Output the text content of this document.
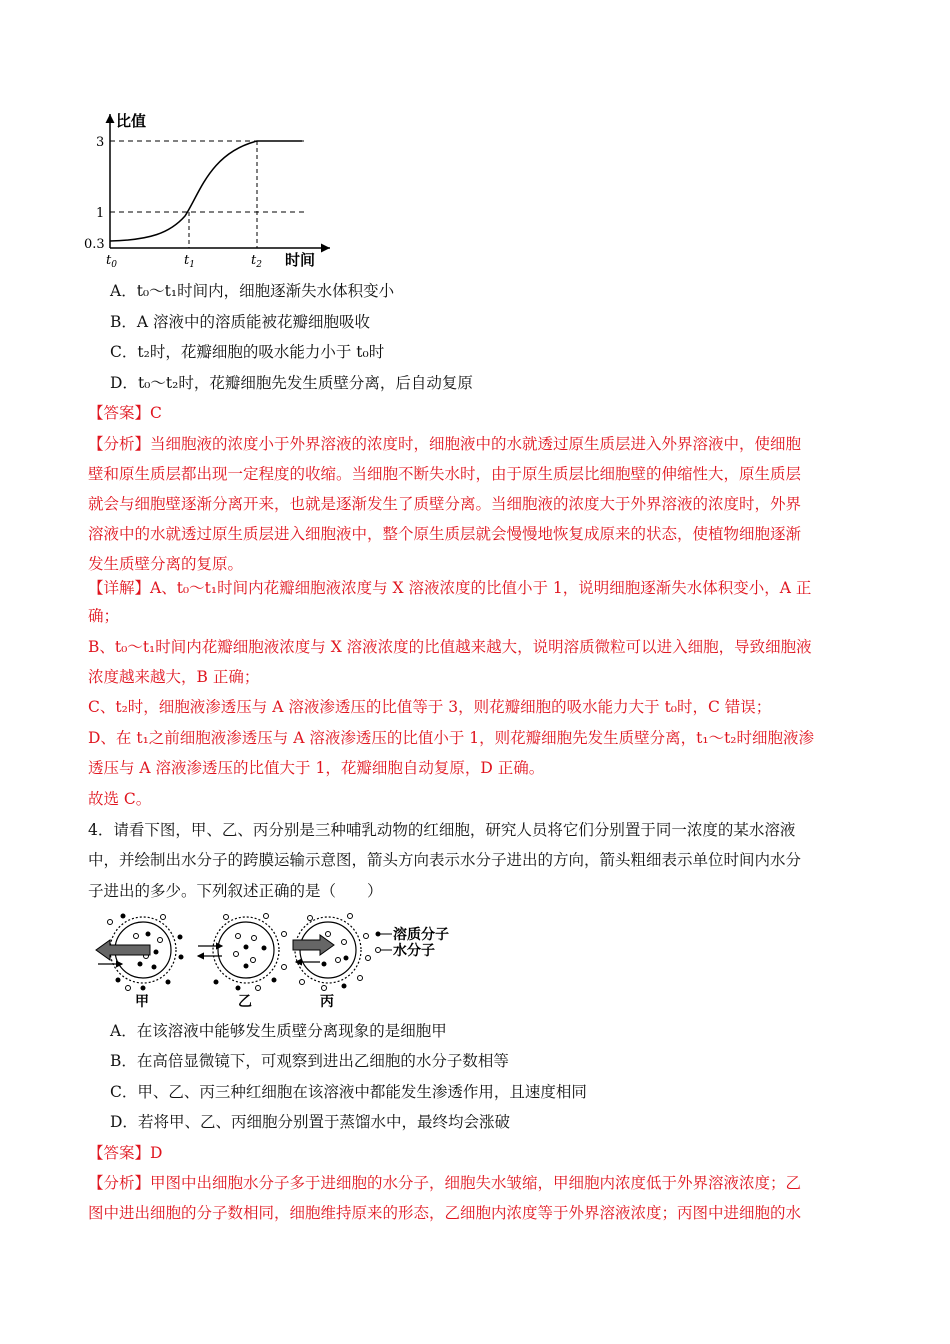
比值
时间
3
1
0.3
$t_0$	$t_1$	$t_2$
A．t₀～t₁时间内，细胞逐渐失水体积变小
B．A 溶液中的溶质能被花瓣细胞吸收
C．t₂时，花瓣细胞的吸水能力小于 t₀时
D．t₀～t₂时，花瓣细胞先发生质壁分离，后自动复原
【答案】C
【分析】当细胞液的浓度小于外界溶液的浓度时，细胞液中的水就透过原生质层进入外界溶液中，使细胞
壁和原生质层都出现一定程度的收缩。当细胞不断失水时，由于原生质层比细胞壁的伸缩性大，原生质层
就会与细胞壁逐渐分离开来，也就是逐渐发生了质壁分离。当细胞液的浓度大于外界溶液的浓度时，外界
溶液中的水就透过原生质层进入细胞液中，整个原生质层就会慢慢地恢复成原来的状态，使植物细胞逐渐
发生质壁分离的复原。
【详解】A、t₀～t₁时间内花瓣细胞液浓度与 X 溶液浓度的比值小于 1，说明细胞逐渐失水体积变小，A 正
确；
B、t₀～t₁时间内花瓣细胞液浓度与 X 溶液浓度的比值越来越大，说明溶质微粒可以进入细胞，导致细胞液
浓度越来越大，B 正确；
C、t₂时，细胞液渗透压与 A 溶液渗透压的比值等于 3，则花瓣细胞的吸水能力大于 t₀时，C 错误；
D、在 t₁之前细胞液渗透压与 A 溶液渗透压的比值小于 1，则花瓣细胞先发生质壁分离，t₁～t₂时细胞液渗
透压与 A 溶液渗透压的比值大于 1，花瓣细胞自动复原，D 正确。
故选 C。
4．请看下图，甲、乙、丙分别是三种哺乳动物的红细胞，研究人员将它们分别置于同一浓度的某水溶液
中，并绘制出水分子的跨膜运输示意图，箭头方向表示水分子进出的方向，箭头粗细表示单位时间内水分
子进出的多少。下列叙述正确的是（　　）
溶质分子
水分子
甲	乙	丙
A．在该溶液中能够发生质壁分离现象的是细胞甲
B．在高倍显微镜下，可观察到进出乙细胞的水分子数相等
C．甲、乙、丙三种红细胞在该溶液中都能发生渗透作用，且速度相同
D．若将甲、乙、丙细胞分别置于蒸馏水中，最终均会涨破
【答案】D
【分析】甲图中出细胞水分子多于进细胞的水分子，细胞失水皱缩，甲细胞内浓度低于外界溶液浓度；乙
图中进出细胞的分子数相同，细胞维持原来的形态，乙细胞内浓度等于外界溶液浓度；丙图中进细胞的水
